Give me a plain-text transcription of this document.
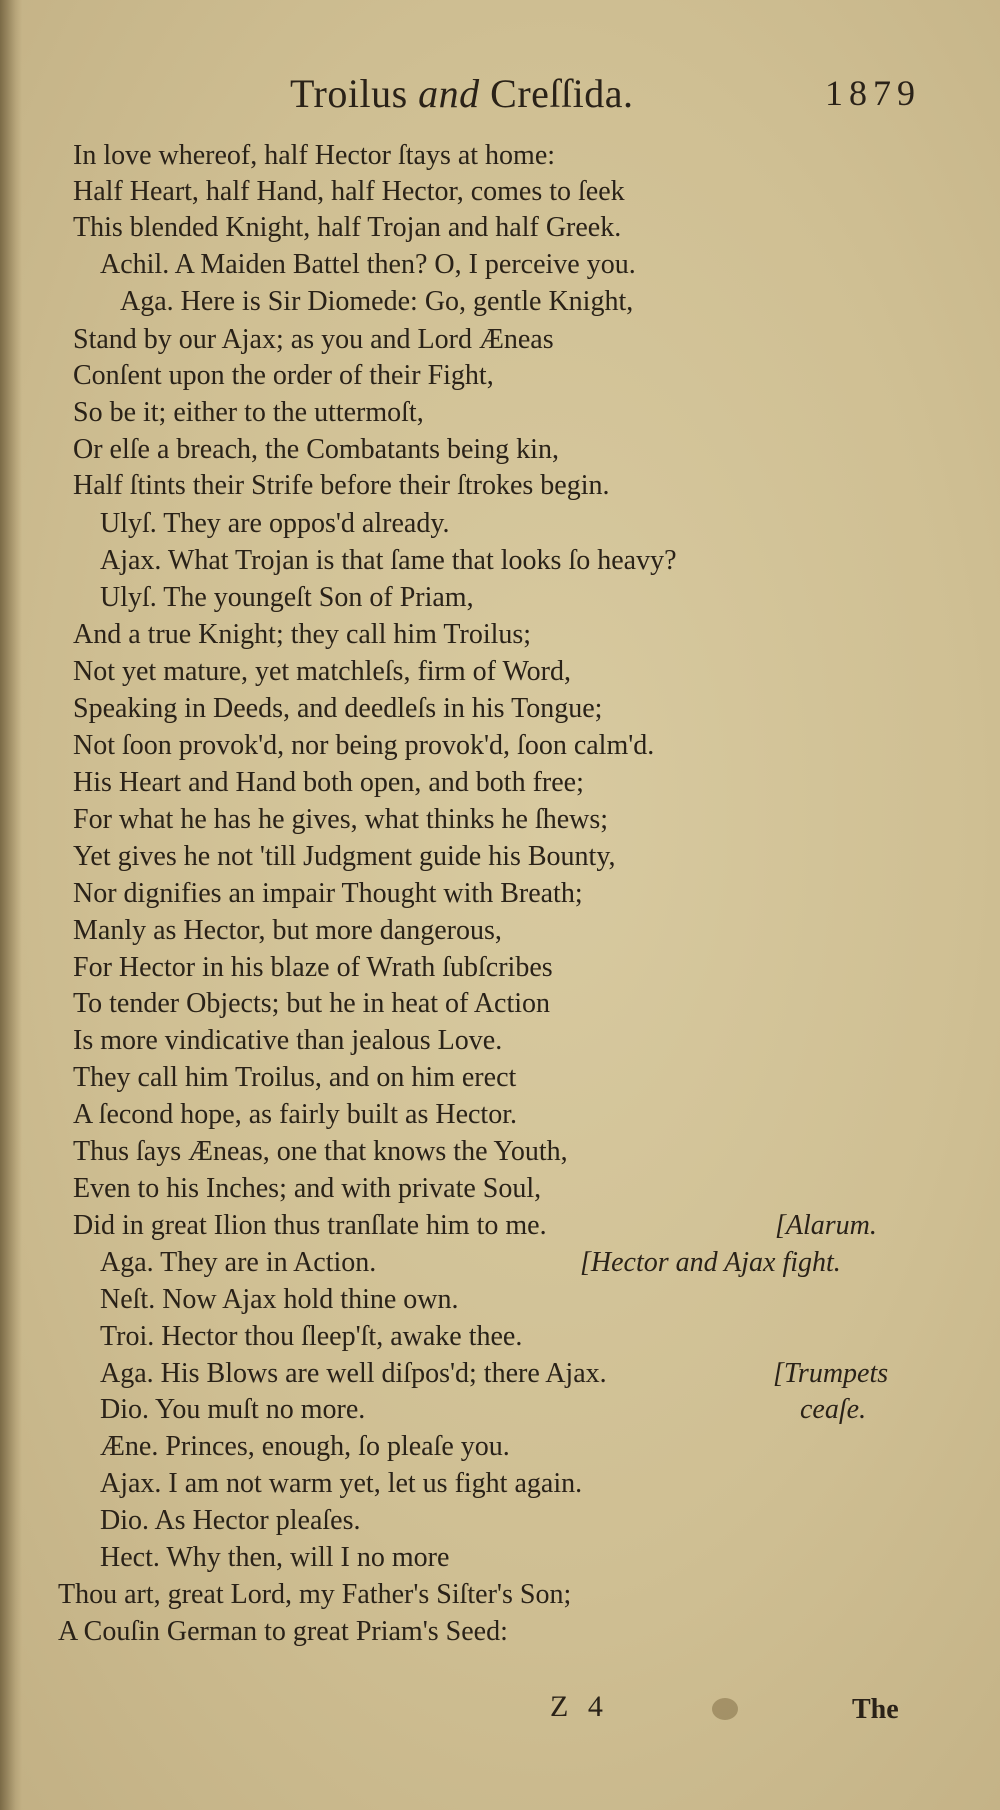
Troilus and Creſſida.	1879
In love whereof, half Hector ſtays at home:
Half Heart, half Hand, half Hector, comes to ſeek
This blended Knight, half Trojan and half Greek.
Achil. A Maiden Battel then? O, I perceive you.
Aga. Here is Sir Diomede: Go, gentle Knight,
Stand by our Ajax; as you and Lord Æneas
Conſent upon the order of their Fight,
So be it; either to the uttermoſt,
Or elſe a breach, the Combatants being kin,
Half ſtints their Strife before their ſtrokes begin.
Ulyſ. They are oppos'd already.
Ajax. What Trojan is that ſame that looks ſo heavy?
Ulyſ. The youngeſt Son of Priam,
And a true Knight; they call him Troilus;
Not yet mature, yet matchleſs, firm of Word,
Speaking in Deeds, and deedleſs in his Tongue;
Not ſoon provok'd, nor being provok'd, ſoon calm'd.
His Heart and Hand both open, and both free;
For what he has he gives, what thinks he ſhews;
Yet gives he not 'till Judgment guide his Bounty,
Nor dignifies an impair Thought with Breath;
Manly as Hector, but more dangerous,
For Hector in his blaze of Wrath ſubſcribes
To tender Objects; but he in heat of Action
Is more vindicative than jealous Love.
They call him Troilus, and on him erect
A ſecond hope, as fairly built as Hector.
Thus ſays Æneas, one that knows the Youth,
Even to his Inches; and with private Soul,
Did in great Ilion thus tranſlate him to me.
Aga. They are in Action.
Neſt. Now Ajax hold thine own.
Troi. Hector thou ſleep'ſt, awake thee.
Aga. His Blows are well diſpos'd; there Ajax.
Dio. You muſt no more.
Æne. Princes, enough, ſo pleaſe you.
Ajax. I am not warm yet, let us fight again.
Dio. As Hector pleaſes.
Hect. Why then, will I no more
Thou art, great Lord, my Father's Siſter's Son;
A Couſin German to great Priam's Seed:
[Alarum.
[Hector and Ajax fight.
[Trumpets
ceaſe.
Z 4	The
